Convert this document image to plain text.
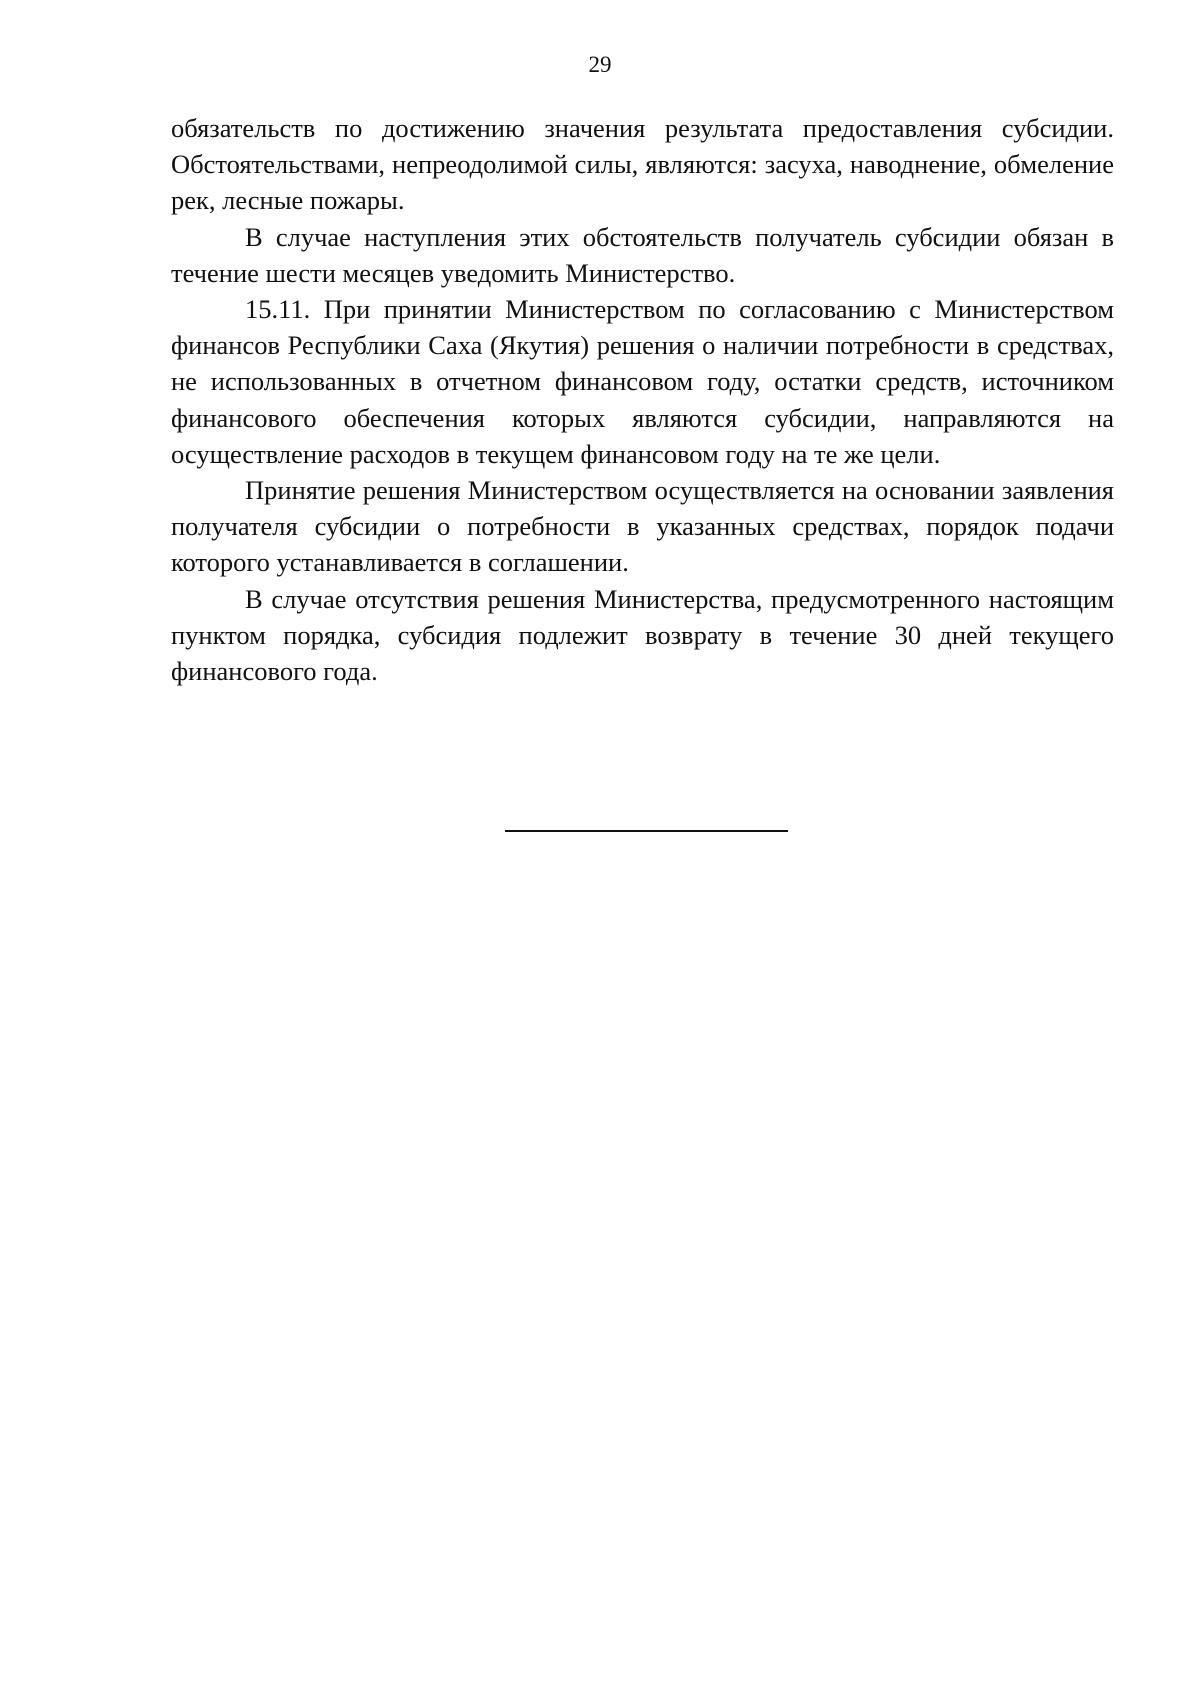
29

обязательств по достижению значения результата предоставления субсидии. Обстоятельствами, непреодолимой силы, являются: засуха, наводнение, обмеление рек, лесные пожары.

В случае наступления этих обстоятельств получатель субсидии обязан в течение шести месяцев уведомить Министерство.

15.11. При принятии Министерством по согласованию с Министерством финансов Республики Саха (Якутия) решения о наличии потребности в средствах, не использованных в отчетном финансовом году, остатки средств, источником финансового обеспечения которых являются субсидии, направляются на осуществление расходов в текущем финансовом году на те же цели.

Принятие решения Министерством осуществляется на основании заявления получателя субсидии о потребности в указанных средствах, порядок подачи которого устанавливается в соглашении.

В случае отсутствия решения Министерства, предусмотренного настоящим пунктом порядка, субсидия подлежит возврату в течение 30 дней текущего финансового года.
